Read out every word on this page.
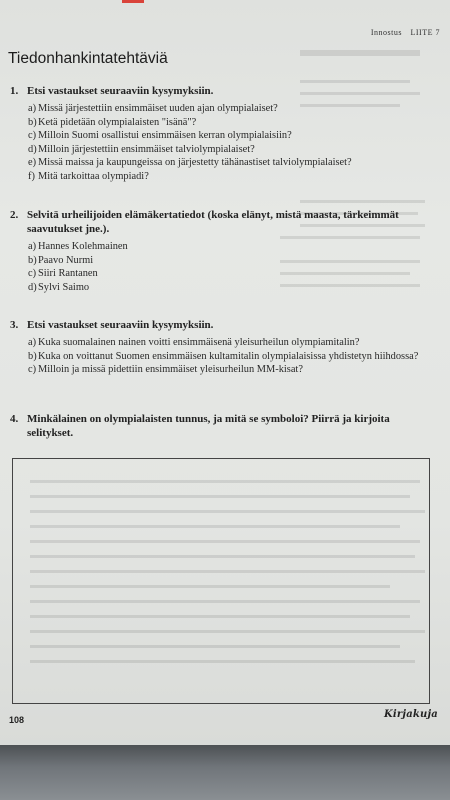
Innostus LIITE 7
Tiedonhankintatehtäviä
1. Etsi vastaukset seuraaviin kysymyksiin.
a) Missä järjestettiin ensimmäiset uuden ajan olympialaiset?
b) Ketä pidetään olympialaisten "isänä"?
c) Milloin Suomi osallistui ensimmäisen kerran olympialaisiin?
d) Milloin järjestettiin ensimmäiset talviolympialaiset?
e) Missä maissa ja kaupungeissa on järjestetty tähänastiset talviolympialaiset?
f) Mitä tarkoittaa olympiadi?
2. Selvitä urheilijoiden elämäkertatiedot (koska elänyt, mistä maasta, tärkeimmät saavutukset jne.).
a) Hannes Kolehmainen
b) Paavo Nurmi
c) Siiri Rantanen
d) Sylvi Saimo
3. Etsi vastaukset seuraaviin kysymyksiin.
a) Kuka suomalainen nainen voitti ensimmäisenä yleisurheilun olympiamitalin?
b) Kuka on voittanut Suomen ensimmäisen kultamitalin olympialaisissa yhdistetyn hiihdossa?
c) Milloin ja missä pidettiin ensimmäiset yleisurheilun MM-kisat?
4. Minkälainen on olympialaisten tunnus, ja mitä se symboloi? Piirrä ja kirjoita selitykset.
108	Kirjakuja
